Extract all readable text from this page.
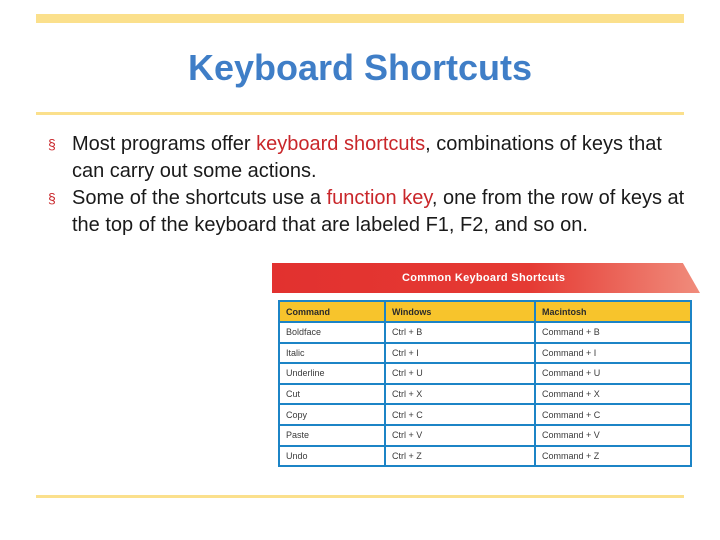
Keyboard Shortcuts
§ Most programs offer keyboard shortcuts, combinations of keys that can carry out some actions.
§ Some of the shortcuts use a function key, one from the row of keys at the top of the keyboard that are labeled F1, F2, and so on.
Common Keyboard Shortcuts
Command	Windows	Macintosh
Boldface	Ctrl + B	Command + B
Italic	Ctrl + I	Command + I
Underline	Ctrl + U	Command + U
Cut	Ctrl + X	Command + X
Copy	Ctrl + C	Command + C
Paste	Ctrl + V	Command + V
Undo	Ctrl + Z	Command + Z
